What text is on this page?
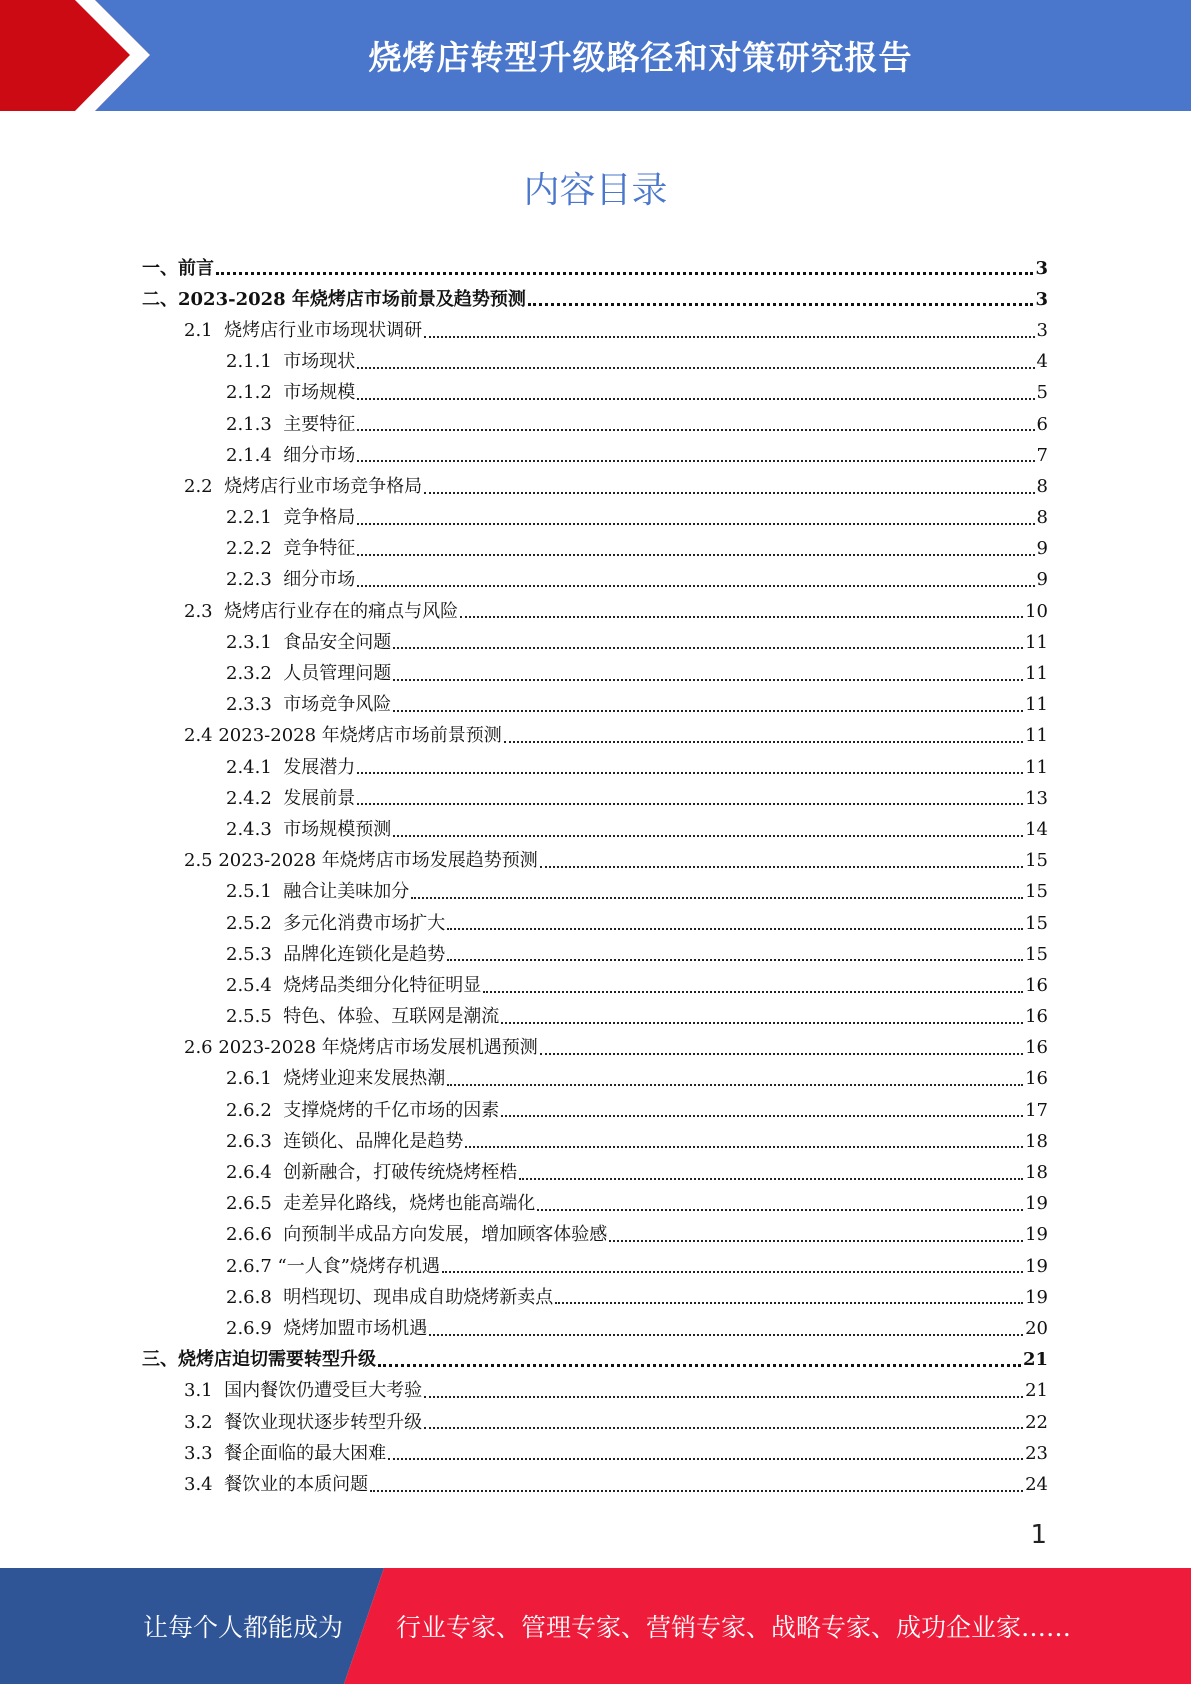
烧烤店转型升级路径和对策研究报告
内容目录
一、 前言	3
二、 2023-2028 年烧烤店市场前景及趋势预测	3
2.1 烧烤店行业市场现状调研	3
2.1.1 市场现状	4
2.1.2 市场规模	5
2.1.3 主要特征	6
2.1.4 细分市场	7
2.2 烧烤店行业市场竞争格局	8
2.2.1 竞争格局	8
2.2.2 竞争特征	9
2.2.3 细分市场	9
2.3 烧烤店行业存在的痛点与风险	10
2.3.1 食品安全问题	11
2.3.2 人员管理问题	11
2.3.3 市场竞争风险	11
2.4 2023-2028 年烧烤店市场前景预测	11
2.4.1 发展潜力	11
2.4.2 发展前景	13
2.4.3 市场规模预测	14
2.5 2023-2028 年烧烤店市场发展趋势预测	15
2.5.1 融合让美味加分	15
2.5.2 多元化消费市场扩大	15
2.5.3 品牌化连锁化是趋势	15
2.5.4 烧烤品类细分化特征明显	16
2.5.5 特色、体验、互联网是潮流	16
2.6 2023-2028 年烧烤店市场发展机遇预测	16
2.6.1 烧烤业迎来发展热潮	16
2.6.2 支撑烧烤的千亿市场的因素	17
2.6.3 连锁化、品牌化是趋势	18
2.6.4 创新融合，打破传统烧烤桎梏	18
2.6.5 走差异化路线，烧烤也能高端化	19
2.6.6 向预制半成品方向发展，增加顾客体验感	19
2.6.7 “一人食”烧烤存机遇	19
2.6.8 明档现切、现串成自助烧烤新卖点	19
2.6.9 烧烤加盟市场机遇	20
三、 烧烤店迫切需要转型升级	21
3.1 国内餐饮仍遭受巨大考验	21
3.2 餐饮业现状逐步转型升级	22
3.3 餐企面临的最大困难	23
3.4 餐饮业的本质问题	24
1
让每个人都能成为 行业专家、管理专家、营销专家、战略专家、成功企业家……
